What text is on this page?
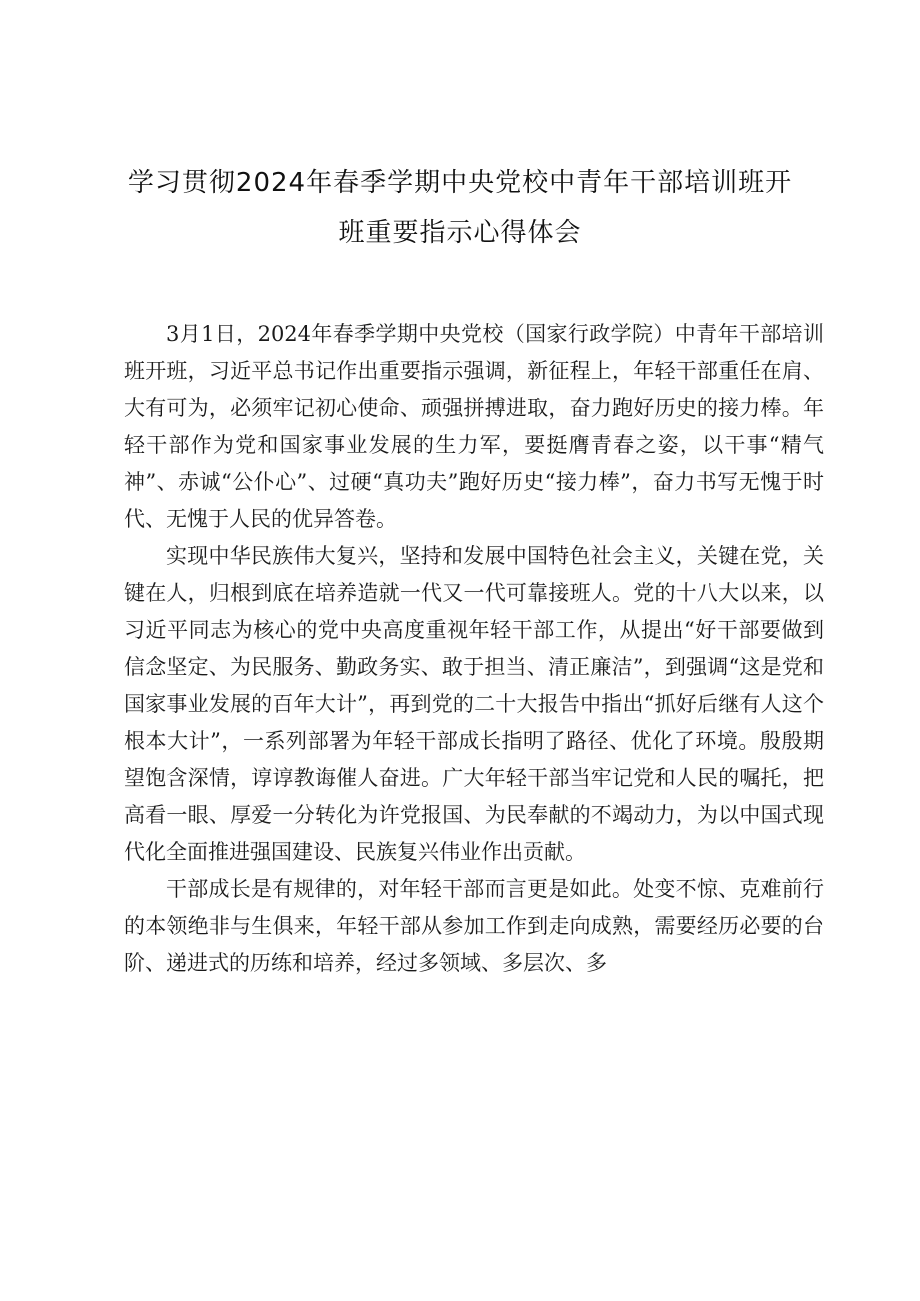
学习贯彻2024年春季学期中央党校中青年干部培训班开
班重要指示心得体会

3月1日，2024年春季学期中央党校（国家行政学院）中青年干部培训班开班，习近平总书记作出重要指示强调，新征程上，年轻干部重任在肩、大有可为，必须牢记初心使命、顽强拼搏进取，奋力跑好历史的接力棒。年轻干部作为党和国家事业发展的生力军，要挺膺青春之姿，以干事“精气神”、赤诚“公仆心”、过硬“真功夫”跑好历史“接力棒”，奋力书写无愧于时代、无愧于人民的优异答卷。

实现中华民族伟大复兴，坚持和发展中国特色社会主义，关键在党，关键在人，归根到底在培养造就一代又一代可靠接班人。党的十八大以来，以习近平同志为核心的党中央高度重视年轻干部工作，从提出“好干部要做到信念坚定、为民服务、勤政务实、敢于担当、清正廉洁”，到强调“这是党和国家事业发展的百年大计”，再到党的二十大报告中指出“抓好后继有人这个根本大计”，一系列部署为年轻干部成长指明了路径、优化了环境。殷殷期望饱含深情，谆谆教诲催人奋进。广大年轻干部当牢记党和人民的嘱托，把高看一眼、厚爱一分转化为许党报国、为民奉献的不竭动力，为以中国式现代化全面推进强国建设、民族复兴伟业作出贡献。

干部成长是有规律的，对年轻干部而言更是如此。处变不惊、克难前行的本领绝非与生俱来，年轻干部从参加工作到走向成熟，需要经历必要的台阶、递进式的历练和培养，经过多领域、多层次、多
